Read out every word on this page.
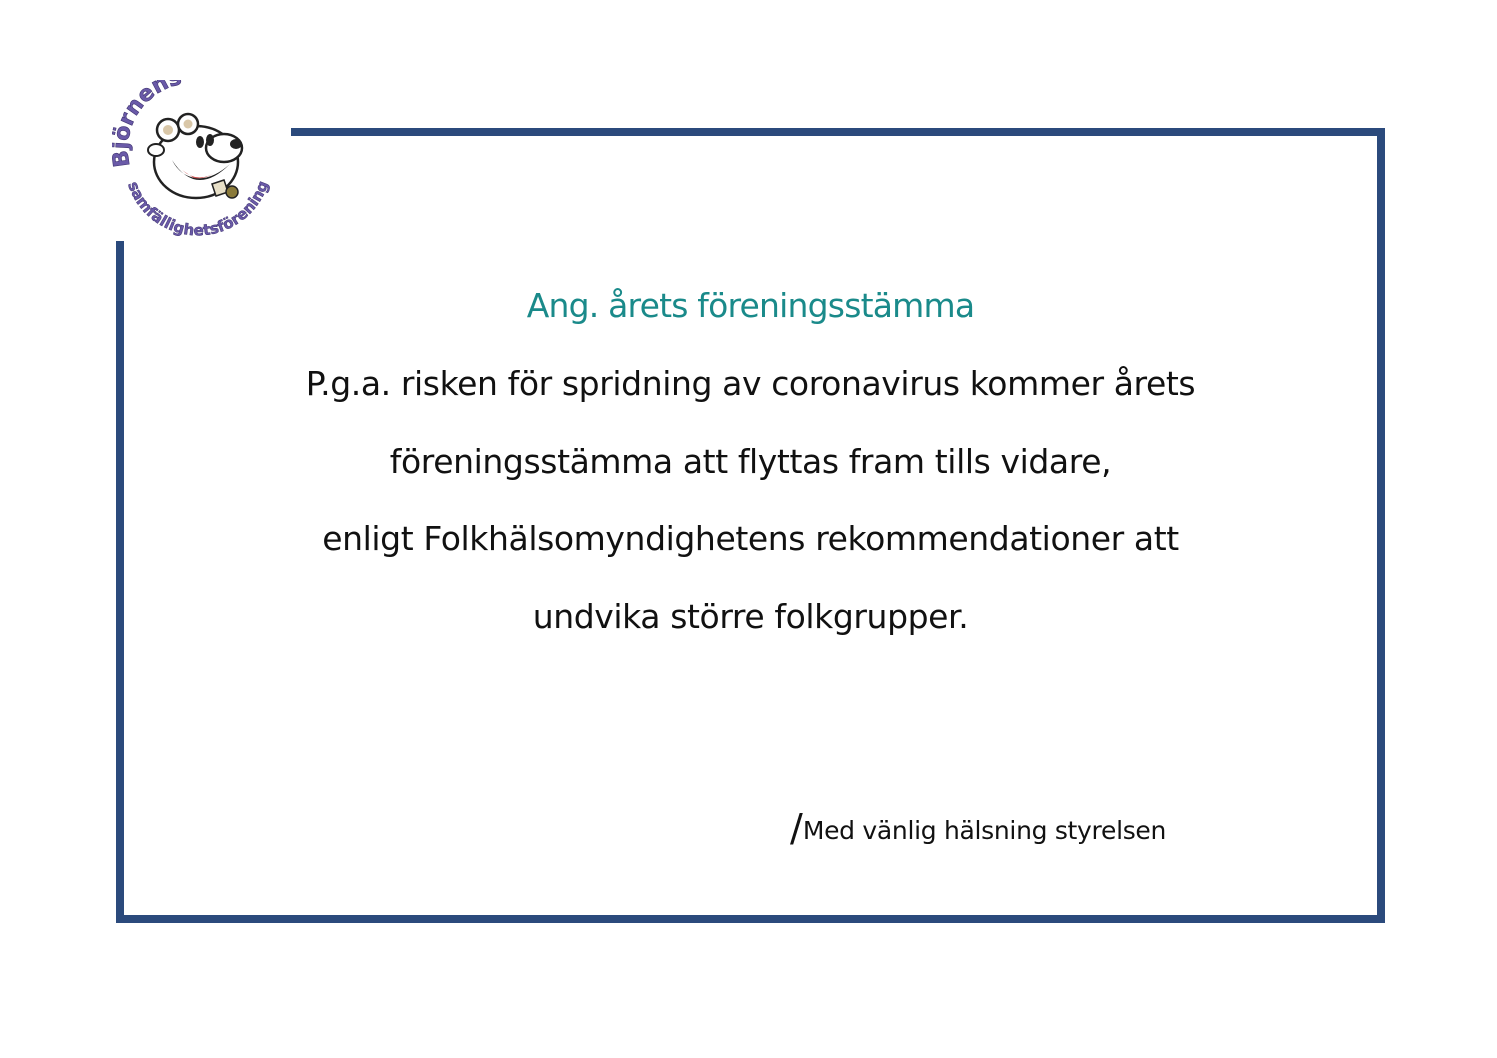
rnen
samfällighetsförening
Ang. årets föreningsstämma
P.g.a. risken för spridning av coronavirus kommer årets
föreningsstämma att flyttas fram tills vidare,
enligt Folkhälsomyndighetens rekommendationer att
undvika större folkgrupper.
/Med vänlig hälsning styrelsen
